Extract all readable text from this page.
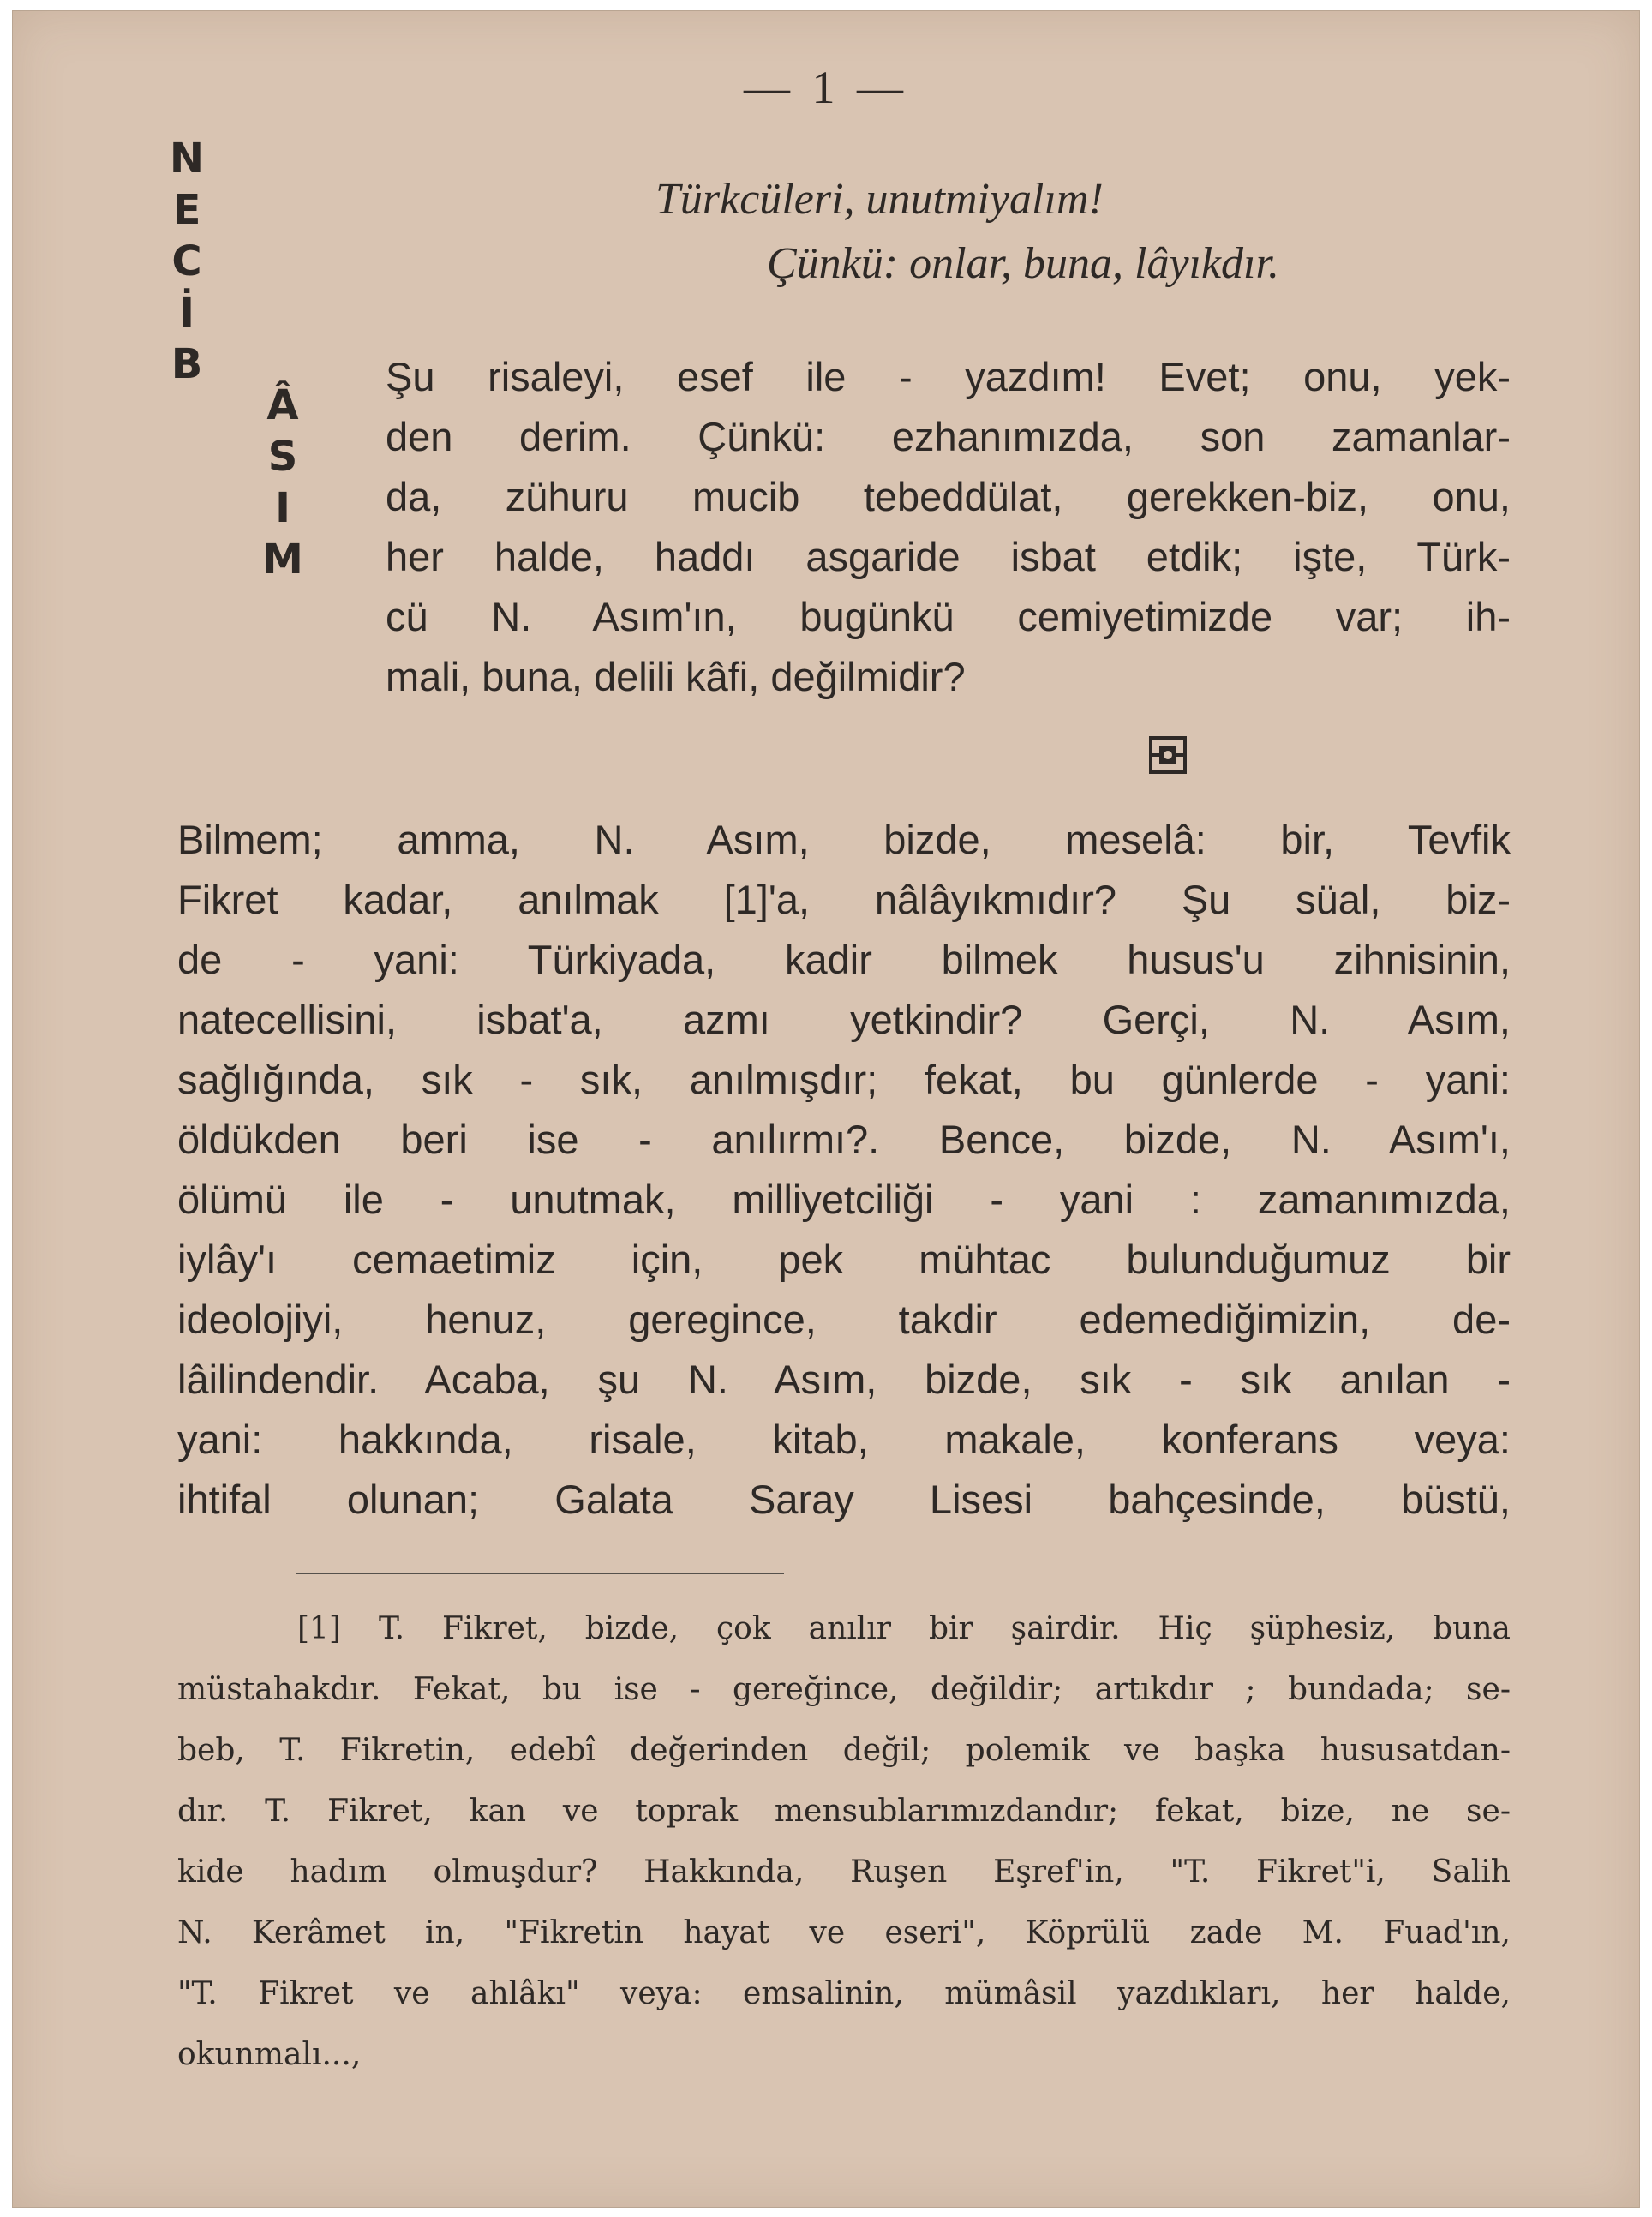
— 1 —
N
E
C
İ
B
Â
S
I
M
Türkcüleri, unutmiyalım!
Çünkü: onlar, buna, lâyıkdır.
Şu risaleyi, esef ile - yazdım! Evet; onu, yek-
den derim. Çünkü: ezhanımızda, son zamanlar-
da, zühuru mucib tebeddülat, gerekken-biz, onu,
her halde, haddı asgaride isbat etdik; işte, Türk-
cü N. Asım'ın, bugünkü cemiyetimizde var; ih-
mali, buna, delili kâfi, değilmidir?
Bilmem; amma, N. Asım, bizde, meselâ: bir, Tevfik
Fikret kadar, anılmak [1]'a, nâlâyıkmıdır? Şu süal, biz-
de - yani: Türkiyada, kadir bilmek husus'u zihnisinin,
natecellisini, isbat'a, azmı yetkindir? Gerçi, N. Asım,
sağlığında, sık - sık, anılmışdır; fekat, bu günlerde - yani:
öldükden beri ise - anılırmı?. Bence, bizde, N. Asım'ı,
ölümü ile - unutmak, milliyetciliği - yani : zamanımızda,
iylây'ı cemaetimiz için, pek mühtac bulunduğumuz bir
ideolojiyi, henuz, geregince, takdir edemediğimizin, de-
lâilindendir. Acaba, şu N. Asım, bizde, sık - sık anılan -
yani: hakkında, risale, kitab, makale, konferans veya:
ihtifal olunan; Galata Saray Lisesi bahçesinde, büstü,
[1] T. Fikret, bizde, çok anılır bir şairdir. Hiç şüphesiz, buna
müstahakdır. Fekat, bu ise - gereğince, değildir; artıkdır ; bundada; se-
beb, T. Fikretin, edebî değerinden değil; polemik ve başka hususatdan-
dır. T. Fikret, kan ve toprak mensublarımızdandır; fekat, bize, ne se-
kide hadım olmuşdur? Hakkında, Ruşen Eşref'in, "T. Fikret"i, Salih
N. Kerâmet in, "Fikretin hayat ve eseri", Köprülü zade M. Fuad'ın,
"T. Fikret ve ahlâkı" veya: emsalinin, mümâsil yazdıkları, her halde,
okunmalı...,
